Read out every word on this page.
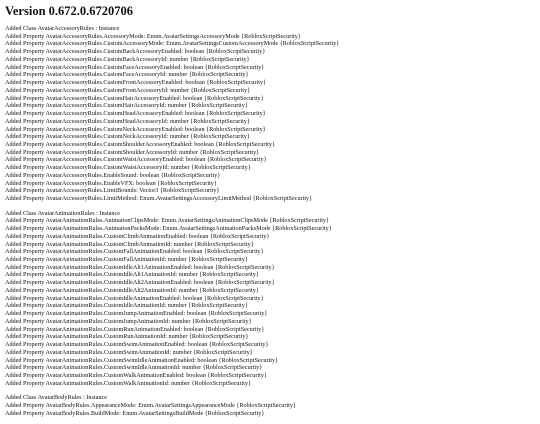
Version 0.672.0.6720706
Added Class AvatarAccessoryRules : Instance
Added Property AvatarAccessoryRules.AccessoryMode: Enum.AvatarSettingsAccessoryMode {RobloxScriptSecurity}
Added Property AvatarAccessoryRules.CustomAccessoryMode: Enum.AvatarSettingsCustomAccessoryMode {RobloxScriptSecurity}
Added Property AvatarAccessoryRules.CustomBackAccessoryEnabled: boolean {RobloxScriptSecurity}
Added Property AvatarAccessoryRules.CustomBackAccessoryId: number {RobloxScriptSecurity}
Added Property AvatarAccessoryRules.CustomFaceAccessoryEnabled: boolean {RobloxScriptSecurity}
Added Property AvatarAccessoryRules.CustomFaceAccessoryId: number {RobloxScriptSecurity}
Added Property AvatarAccessoryRules.CustomFrontAccessoryEnabled: boolean {RobloxScriptSecurity}
Added Property AvatarAccessoryRules.CustomFrontAccessoryId: number {RobloxScriptSecurity}
Added Property AvatarAccessoryRules.CustomHairAccessoryEnabled: boolean {RobloxScriptSecurity}
Added Property AvatarAccessoryRules.CustomHairAccessoryId: number {RobloxScriptSecurity}
Added Property AvatarAccessoryRules.CustomHeadAccessoryEnabled: boolean {RobloxScriptSecurity}
Added Property AvatarAccessoryRules.CustomHeadAccessoryId: number {RobloxScriptSecurity}
Added Property AvatarAccessoryRules.CustomNeckAccessoryEnabled: boolean {RobloxScriptSecurity}
Added Property AvatarAccessoryRules.CustomNeckAccessoryId: number {RobloxScriptSecurity}
Added Property AvatarAccessoryRules.CustomShoulderAccessoryEnabled: boolean {RobloxScriptSecurity}
Added Property AvatarAccessoryRules.CustomShoulderAccessoryId: number {RobloxScriptSecurity}
Added Property AvatarAccessoryRules.CustomWaistAccessoryEnabled: boolean {RobloxScriptSecurity}
Added Property AvatarAccessoryRules.CustomWaistAccessoryId: number {RobloxScriptSecurity}
Added Property AvatarAccessoryRules.EnableSound: boolean {RobloxScriptSecurity}
Added Property AvatarAccessoryRules.EnableVFX: boolean {RobloxScriptSecurity}
Added Property AvatarAccessoryRules.LimitBounds: Vector3 {RobloxScriptSecurity}
Added Property AvatarAccessoryRules.LimitMethod: Enum.AvatarSettingsAccessoryLimitMethod {RobloxScriptSecurity}
Added Class AvatarAnimationRules : Instance
Added Property AvatarAnimationRules.AnimationClipsMode: Enum.AvatarSettingsAnimationClipsMode {RobloxScriptSecurity}
Added Property AvatarAnimationRules.AnimationPacksMode: Enum.AvatarSettingsAnimationPacksMode {RobloxScriptSecurity}
Added Property AvatarAnimationRules.CustomClimbAnimationEnabled: boolean {RobloxScriptSecurity}
Added Property AvatarAnimationRules.CustomClimbAnimationId: number {RobloxScriptSecurity}
Added Property AvatarAnimationRules.CustomFallAnimationEnabled: boolean {RobloxScriptSecurity}
Added Property AvatarAnimationRules.CustomFallAnimationId: number {RobloxScriptSecurity}
Added Property AvatarAnimationRules.CustomIdleAlt1AnimationEnabled: boolean {RobloxScriptSecurity}
Added Property AvatarAnimationRules.CustomIdleAlt1AnimationId: number {RobloxScriptSecurity}
Added Property AvatarAnimationRules.CustomIdleAlt2AnimationEnabled: boolean {RobloxScriptSecurity}
Added Property AvatarAnimationRules.CustomIdleAlt2AnimationId: number {RobloxScriptSecurity}
Added Property AvatarAnimationRules.CustomIdleAnimationEnabled: boolean {RobloxScriptSecurity}
Added Property AvatarAnimationRules.CustomIdleAnimationId: number {RobloxScriptSecurity}
Added Property AvatarAnimationRules.CustomJumpAnimationEnabled: boolean {RobloxScriptSecurity}
Added Property AvatarAnimationRules.CustomJumpAnimationId: number {RobloxScriptSecurity}
Added Property AvatarAnimationRules.CustomRunAnimationEnabled: boolean {RobloxScriptSecurity}
Added Property AvatarAnimationRules.CustomRunAnimationId: number {RobloxScriptSecurity}
Added Property AvatarAnimationRules.CustomSwimAnimationEnabled: boolean {RobloxScriptSecurity}
Added Property AvatarAnimationRules.CustomSwimAnimationId: number {RobloxScriptSecurity}
Added Property AvatarAnimationRules.CustomSwimIdleAnimationEnabled: boolean {RobloxScriptSecurity}
Added Property AvatarAnimationRules.CustomSwimIdleAnimationId: number {RobloxScriptSecurity}
Added Property AvatarAnimationRules.CustomWalkAnimationEnabled: boolean {RobloxScriptSecurity}
Added Property AvatarAnimationRules.CustomWalkAnimationId: number {RobloxScriptSecurity}
Added Class AvatarBodyRules : Instance
Added Property AvatarBodyRules.AppearanceMode: Enum.AvatarSettingsAppearanceMode {RobloxScriptSecurity}
Added Property AvatarBodyRules.BuildMode: Enum.AvatarSettingsBuildMode {RobloxScriptSecurity}
